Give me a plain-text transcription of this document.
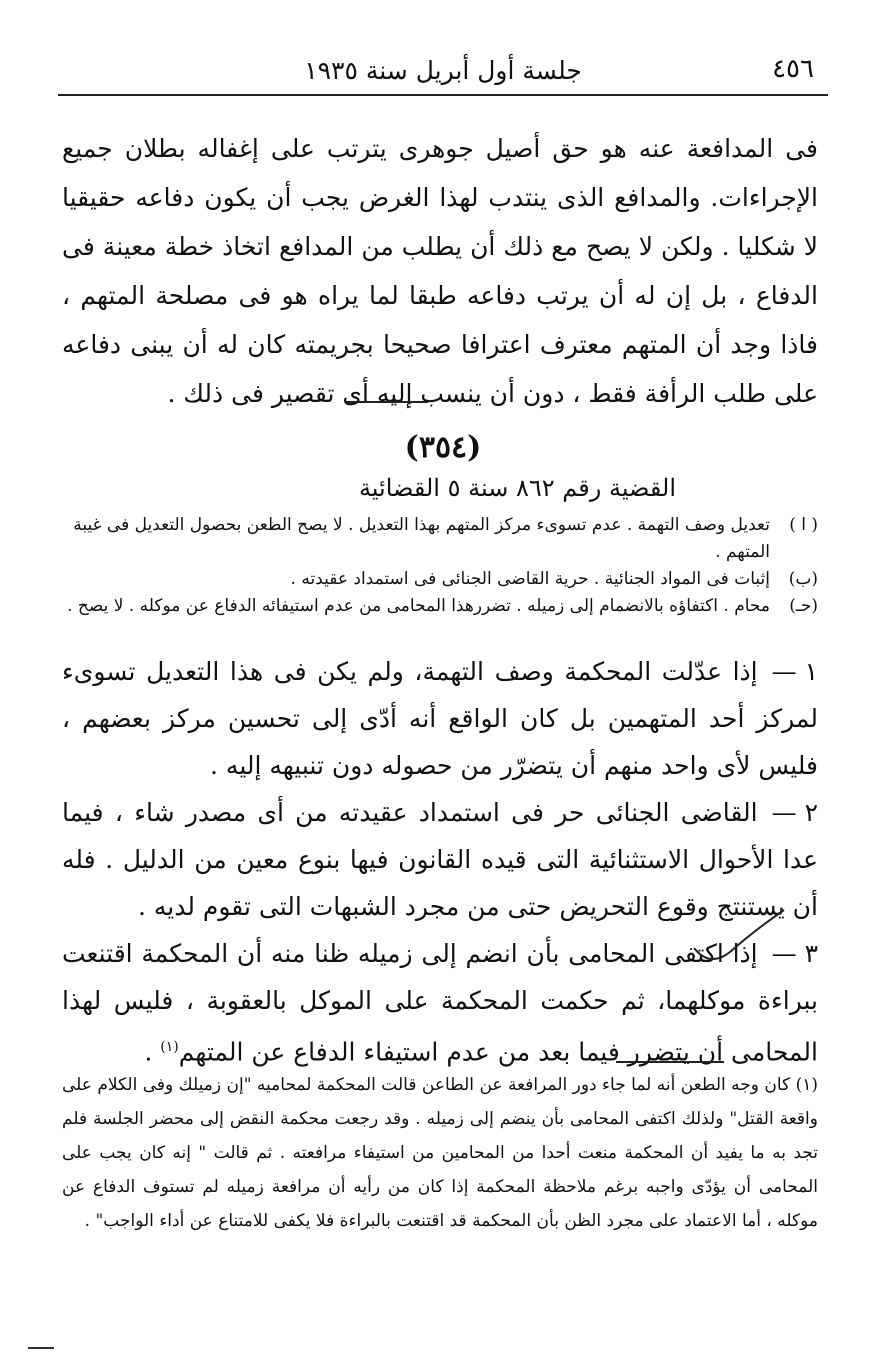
٤٥٦
جلسة أول أبريل سنة ١٩٣٥

فى المدافعة عنه هو حق أصيل جوهرى يترتب على إغفاله بطلان جميع الإجراءات. والمدافع الذى ينتدب لهذا الغرض يجب أن يكون دفاعه حقيقيا لا شكليا . ولكن لا يصح مع ذلك أن يطلب من المدافع اتخاذ خطة معينة فى الدفاع ، بل إن له أن يرتب دفاعه طبقا لما يراه هو فى مصلحة المتهم ، فاذا وجد أن المتهم معترف اعترافا صحيحا بجريمته كان له أن يبنى دفاعه على طلب الرأفة فقط ، دون أن ينسب إليه أى تقصير فى ذلك .

(٣٥٤)
القضية رقم ٨٦٢ سنة ٥ القضائية
( ا )
تعديل وصف التهمة . عدم تسوىء مركز المتهم بهذا التعديل . لا يصح الطعن بحصول التعديل فى غيبة المتهم .
(ب)
إثبات فى المواد الجنائية . حرية القاضى الجنائى فى استمداد عقيدته .
(حـ)
محام . اكتفاؤه بالانضمام إلى زميله . تضررهذا المحامى من عدم استيفائه الدفاع عن موكله . لا يصح .

١ —إذا عدّلت المحكمة وصف التهمة، ولم يكن فى هذا التعديل تسوىء لمركز أحد المتهمين بل كان الواقع أنه أدّى إلى تحسين مركز بعضهم ، فليس لأى واحد منهم أن يتضرّر من حصوله دون تنبيهه إليه .

٢ —القاضى الجنائى حر فى استمداد عقيدته من أى مصدر شاء ، فيما عدا الأحوال الاستثنائية التى قيده القانون فيها بنوع معين من الدليل . فله أن يستنتج وقوع التحريض حتى من مجرد الشبهات التى تقوم لديه .

٣ —إذا اكتفى المحامى بأن انضم إلى زميله ظنا منه أن المحكمة اقتنعت ببراءة موكلهما، ثم حكمت المحكمة على الموكل بالعقوبة ، فليس لهذا المحامى أن يتضرر فيما بعد من عدم استيفاء الدفاع عن المتهم$^{(١)}$ .

(١) كان وجه الطعن أنه لما جاء دور المرافعة عن الطاعن قالت المحكمة لمحاميه "إن زميلك وفى الكلام على واقعة القتل" ولذلك اكتفى المحامى بأن ينضم إلى زميله . وقد رجعت محكمة النقض إلى محضر الجلسة فلم تجد به ما يفيد أن المحكمة منعت أحدا من المحامين من استيفاء مرافعته . ثم قالت " إنه كان يجب على المحامى أن يؤدّى واجبه برغم ملاحظة المحكمة إذا كان من رأيه أن مرافعة زميله لم تستوف الدفاع عن موكله ، أما الاعتماد على مجرد الظن بأن المحكمة قد اقتنعت بالبراءة فلا يكفى للامتناع عن أداء الواجب" .
